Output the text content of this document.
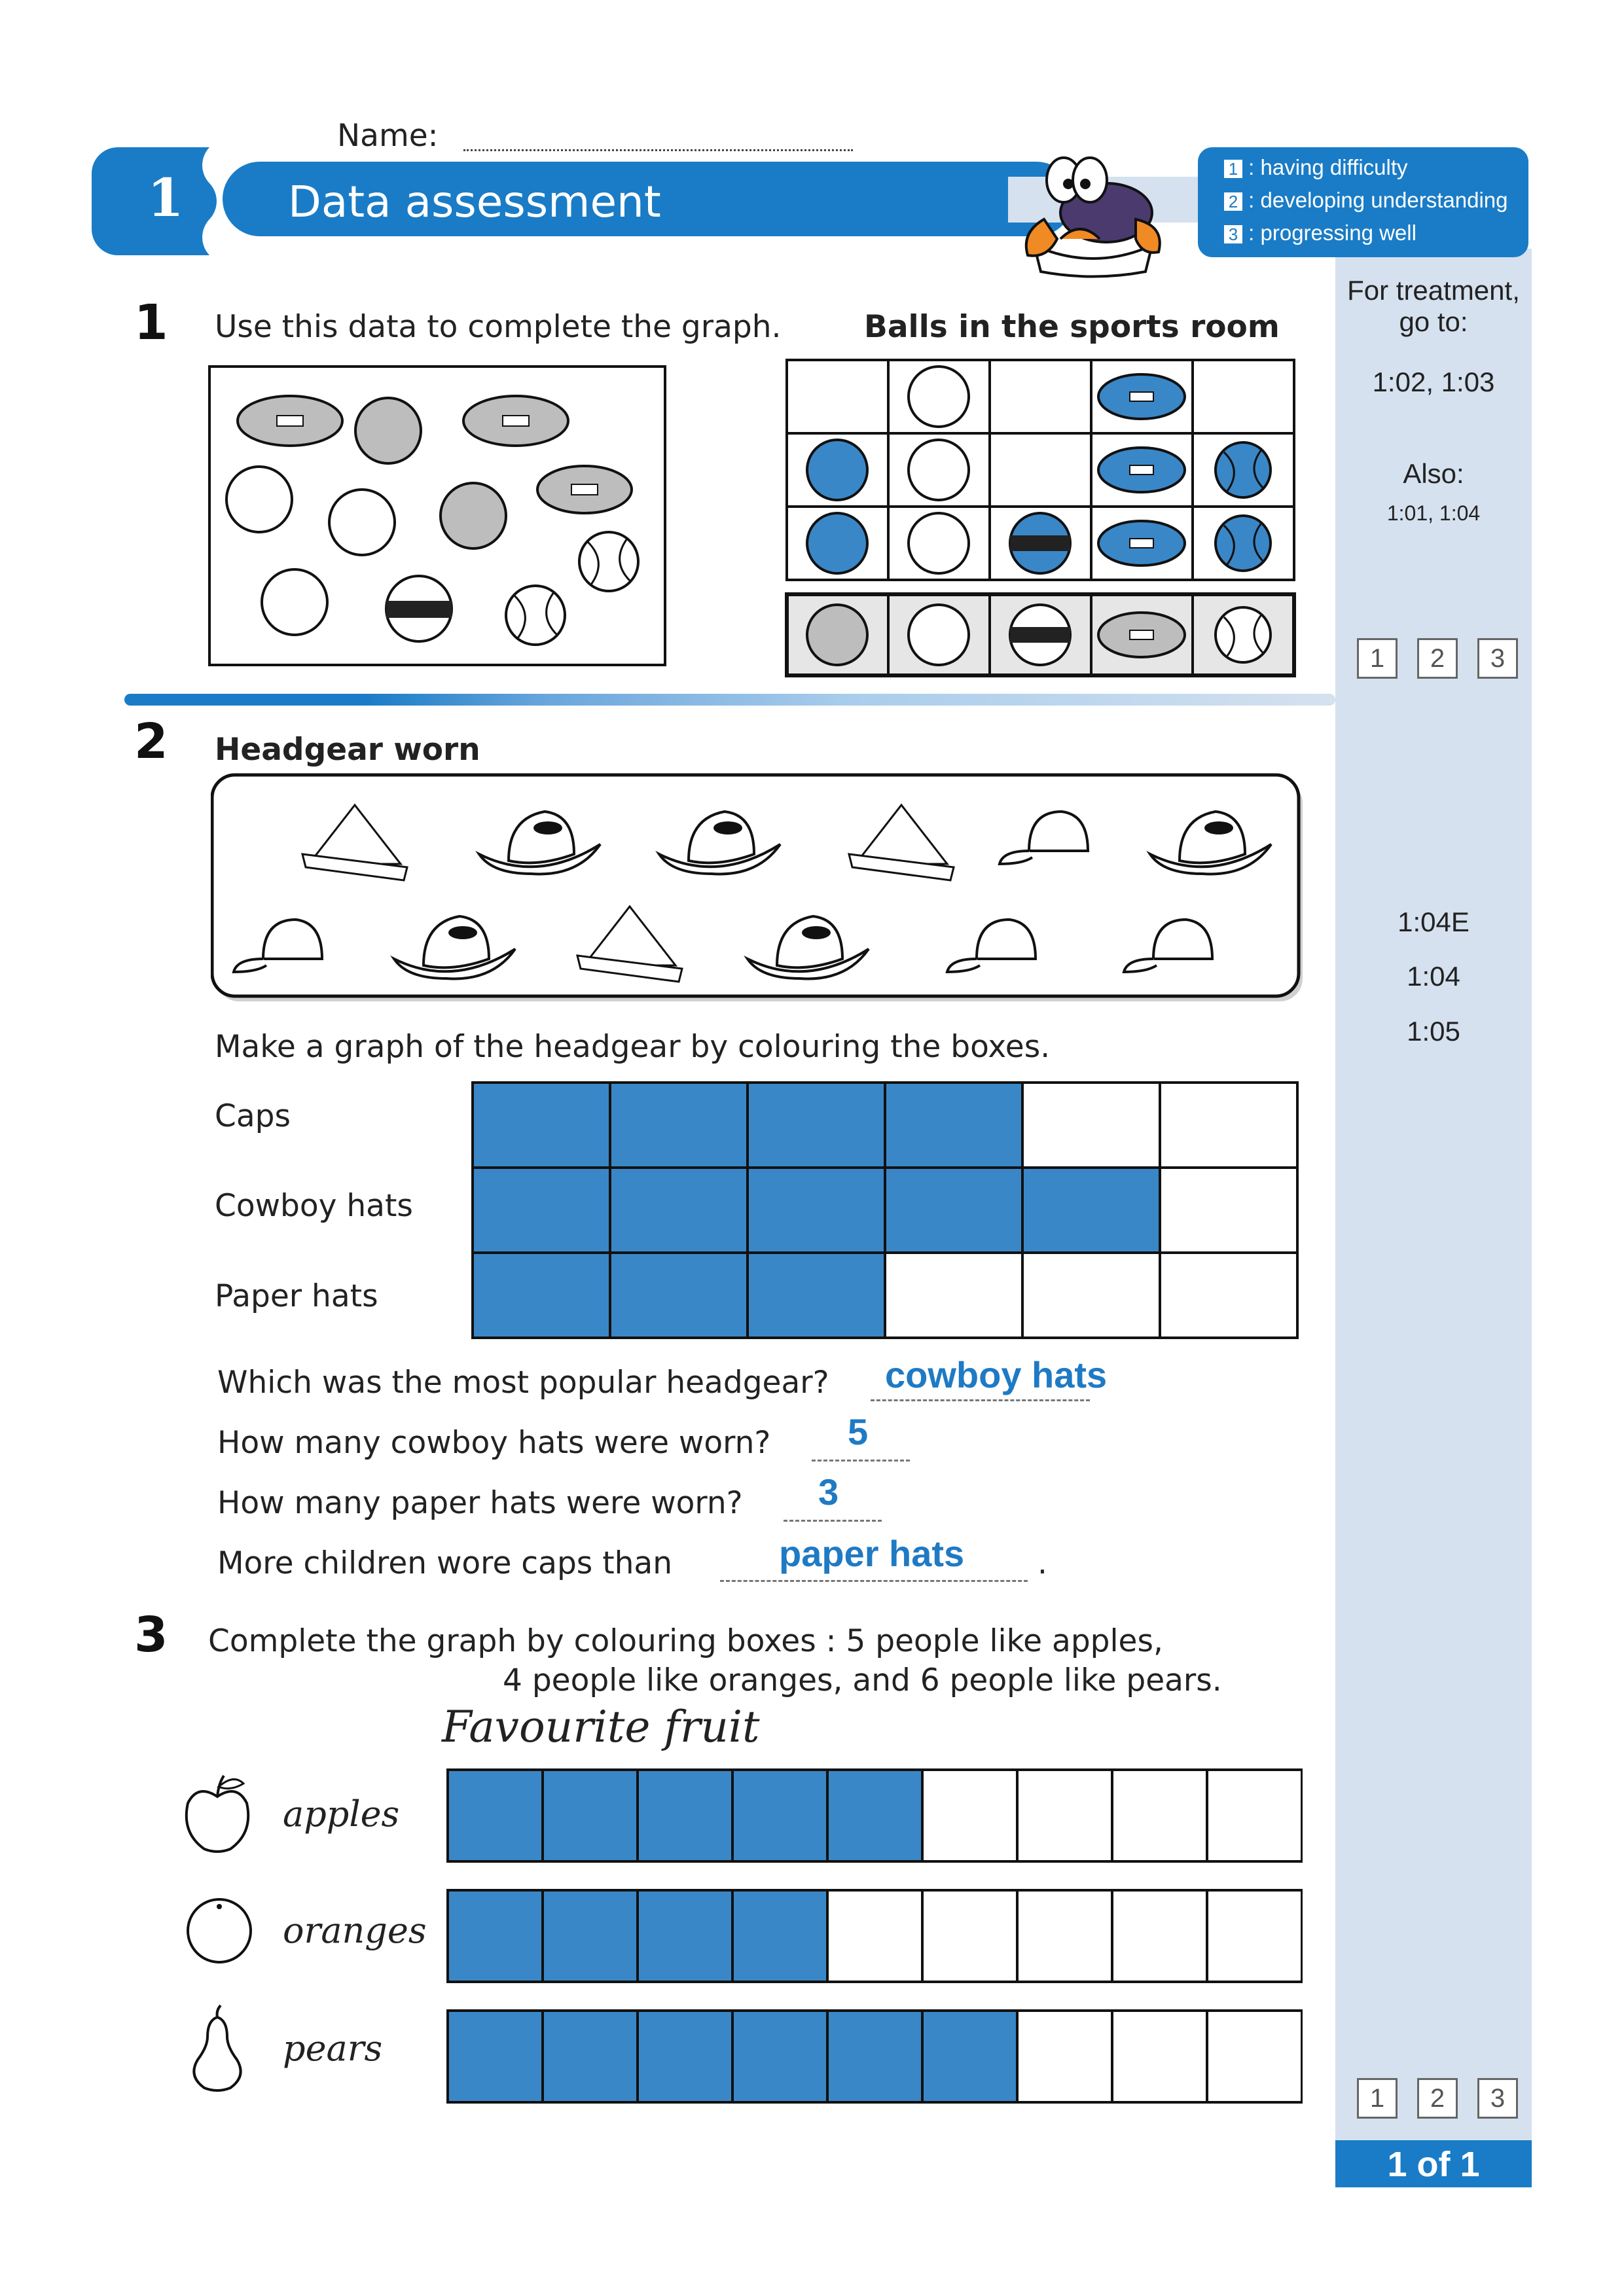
For treatment,
go to:
1:02, 1:03
Also:
1:01, 1:04
1 2 3
1:04E
1:04
1:05
1 2 3
1 of 1
Name:
1 Data assessment
1 : having difficulty
2 : developing understanding
3 : progressing well
1 Use this data to complete the graph.	Balls in the sports room
2 Headgear worn
Make a graph of the headgear by colouring the boxes.
Caps
Cowboy hats
Paper hats
Which was the most popular headgear? cowboy hats
How many cowboy hats were worn? 5
How many paper hats were worn? 3
More children wore caps than	paper hats .
3 Complete the graph by colouring boxes : 5 people like apples,
4 people like oranges, and 6 people like pears.
Favourite fruit
apples
oranges
pears
